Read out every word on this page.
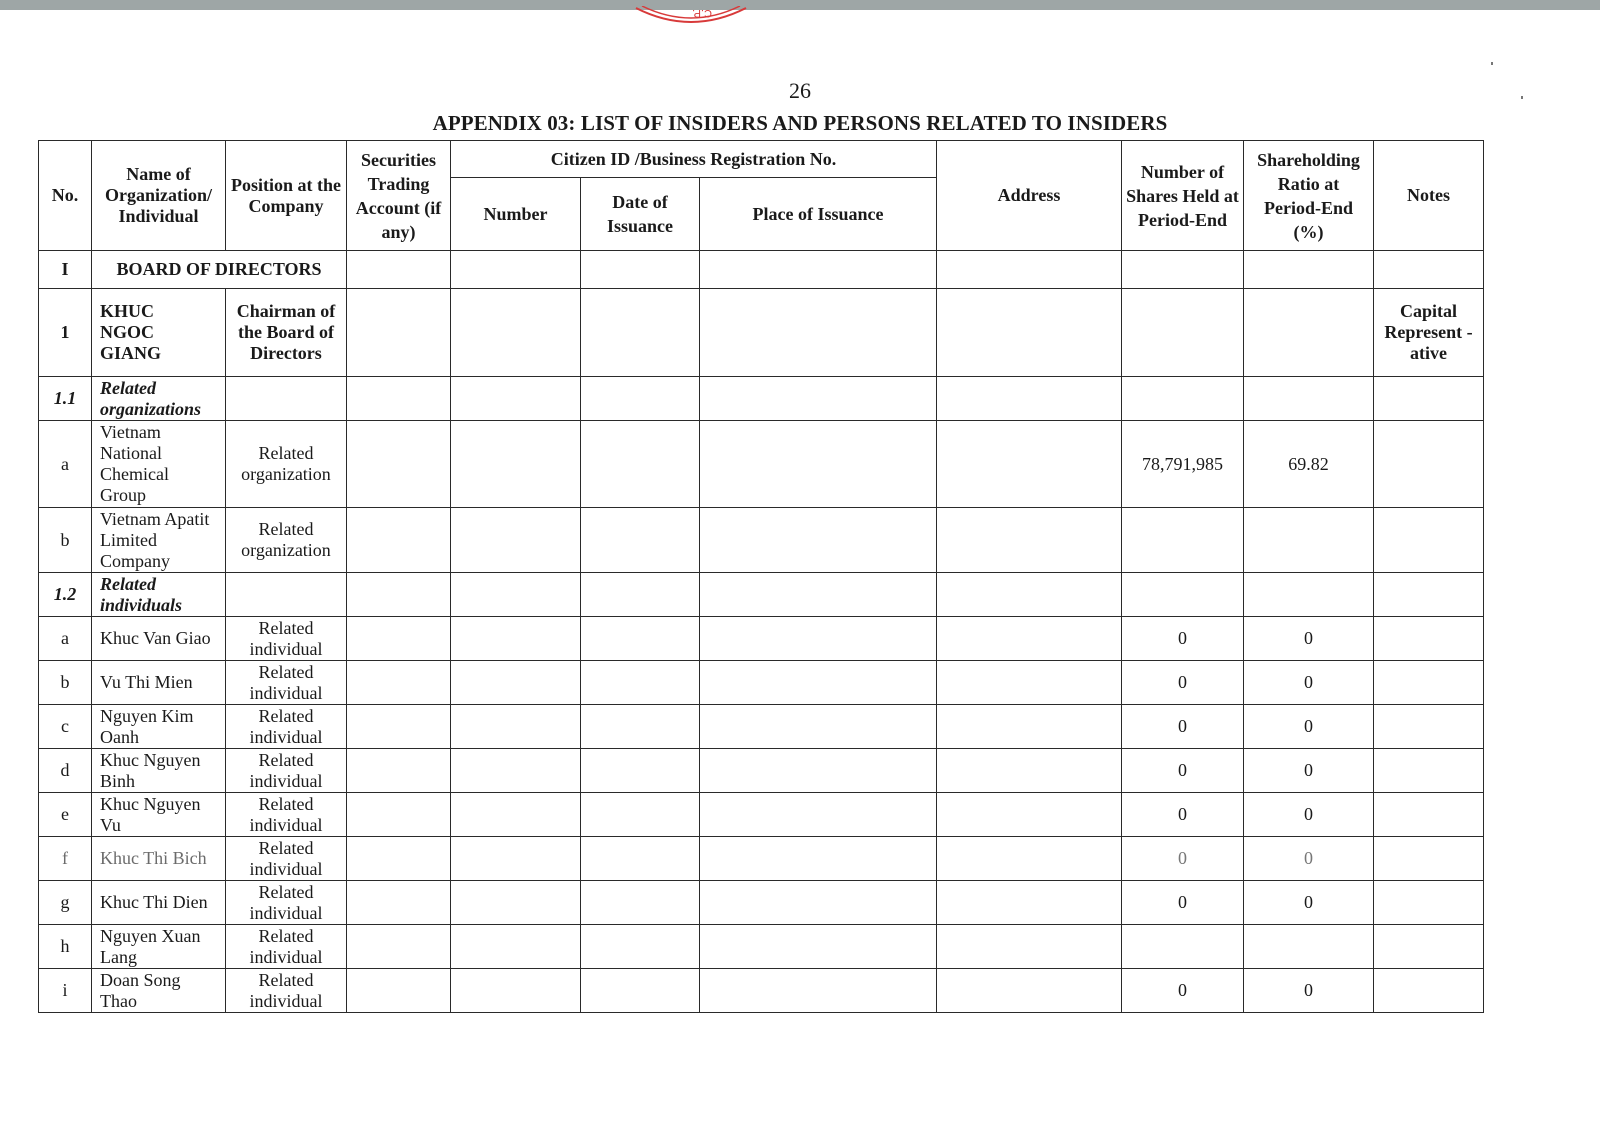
C.P.
26
APPENDIX 03: LIST OF INSIDERS AND PERSONS RELATED TO INSIDERS
No.	Name of Organization/ Individual	Position at the Company	Securities Trading Account (if any)	Citizen ID /Business Registration No.			Address	Number of Shares Held at Period-End	Shareholding Ratio at Period-End (%)	Notes
				Number	Date of Issuance	Place of Issuance				
I	BOARD OF DIRECTORS									
1	KHUC NGOC GIANG	Chairman of the Board of Directors								Capital Represent -ative
1.1	Related organizations									
a	Vietnam National Chemical Group	Related organization						78,791,985	69.82	
b	Vietnam Apatit Limited Company	Related organization								
1.2	Related individuals									
a	Khuc Van Giao	Related individual						0	0	
b	Vu Thi Mien	Related individual						0	0	
c	Nguyen Kim Oanh	Related individual						0	0	
d	Khuc Nguyen Binh	Related individual						0	0	
e	Khuc Nguyen Vu	Related individual						0	0	
f	Khuc Thi Bich	Related individual						0	0	
g	Khuc Thi Dien	Related individual						0	0	
h	Nguyen Xuan Lang	Related individual								
i	Doan Song Thao	Related individual						0	0	
